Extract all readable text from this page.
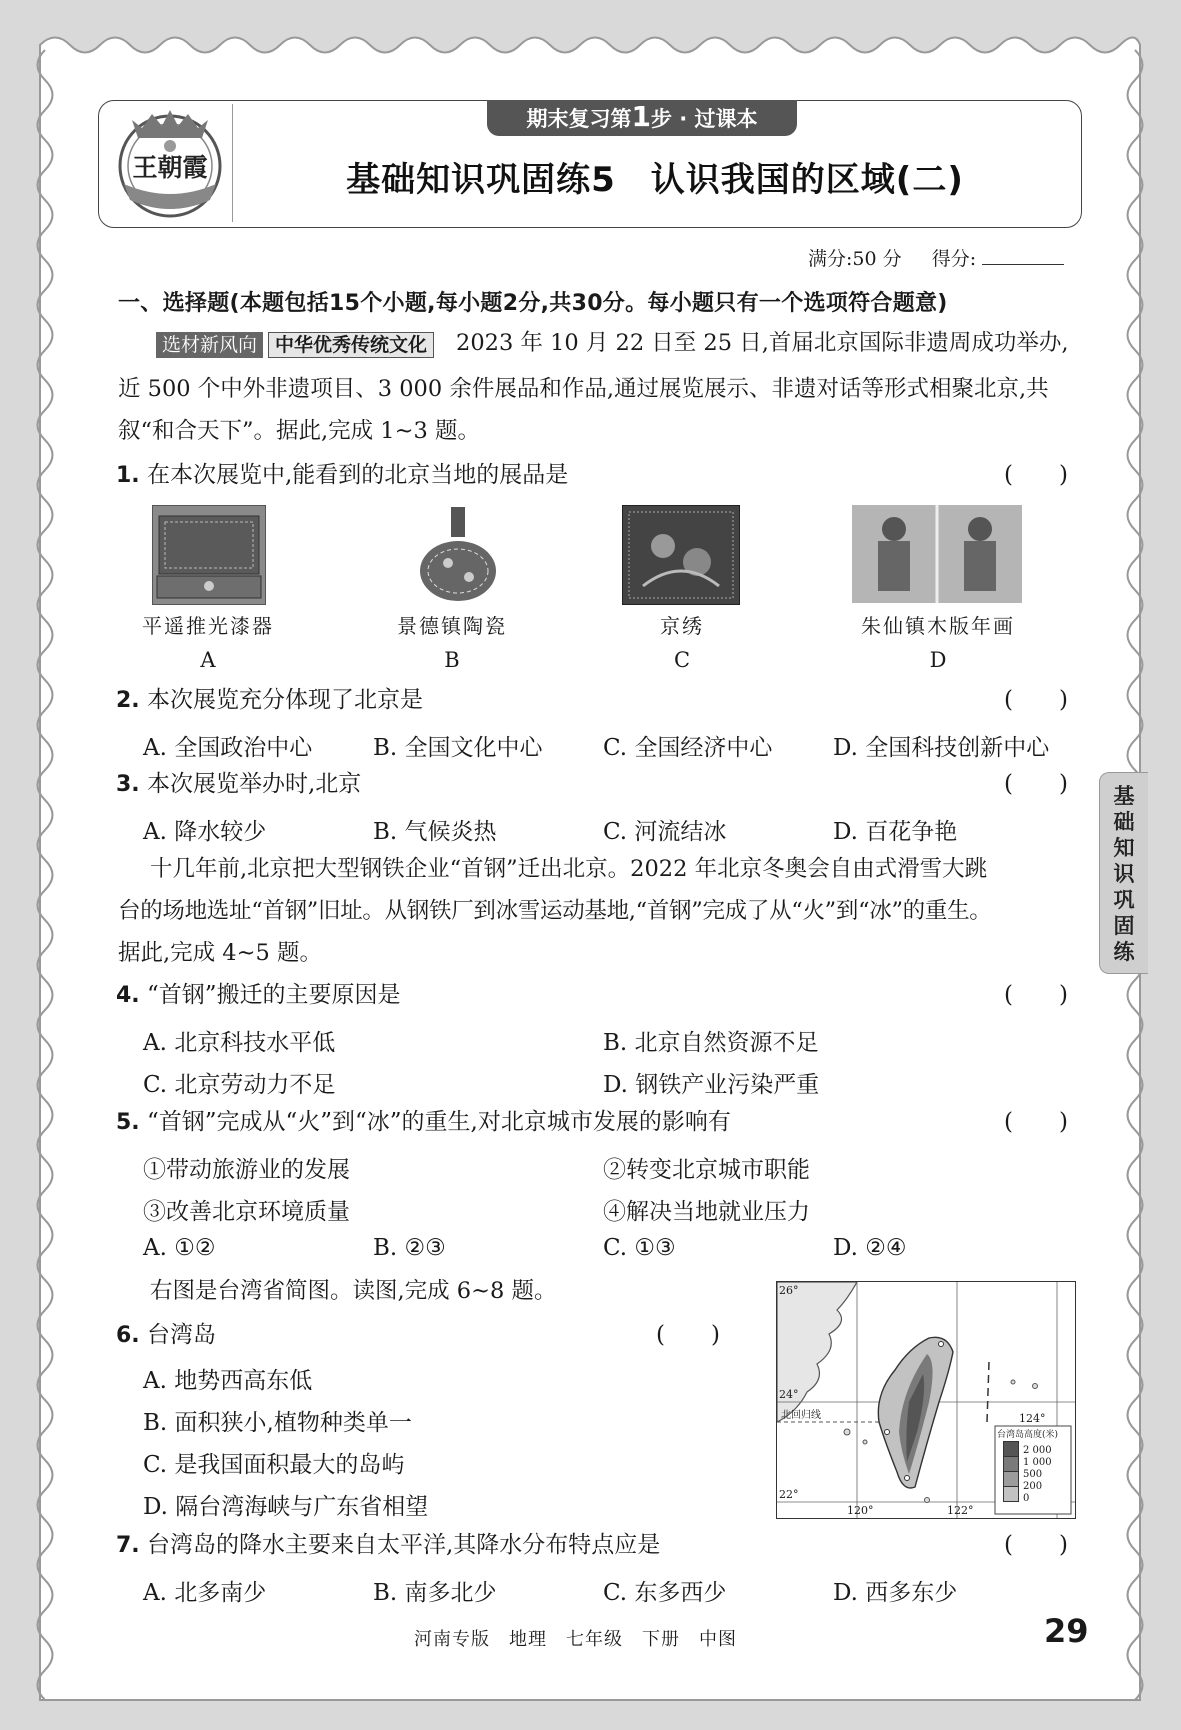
王朝霞
期末复习第1步 · 过课本
基础知识巩固练5　认识我国的区域(二)
满分:50 分 得分:
一、选择题(本题包括15个小题,每小题2分,共30分。每小题只有一个选项符合题意)
选材新风向 中华优秀传统文化	2023 年 10 月 22 日至 25 日,首届北京国际非遗周成功举办,
近 500 个中外非遗项目、3 000 余件展品和作品,通过展览展示、非遗对话等形式相聚北京,共
叙“和合天下”。据此,完成 1~3 题。
1. 在本次展览中,能看到的北京当地的展品是	(　　)
平遥推光漆器	景德镇陶瓷	京绣	朱仙镇木版年画
A	B	C	D
2. 本次展览充分体现了北京是	(　　)
A. 全国政治中心	B. 全国文化中心	C. 全国经济中心	D. 全国科技创新中心
3. 本次展览举办时,北京	(　　)
A. 降水较少	B. 气候炎热	C. 河流结冰	D. 百花争艳
十几年前,北京把大型钢铁企业“首钢”迁出北京。2022 年北京冬奥会自由式滑雪大跳
台的场地选址“首钢”旧址。从钢铁厂到冰雪运动基地,“首钢”完成了从“火”到“冰”的重生。
据此,完成 4~5 题。
4. “首钢”搬迁的主要原因是	(　　)
A. 北京科技水平低	B. 北京自然资源不足
C. 北京劳动力不足	D. 钢铁产业污染严重
5. “首钢”完成从“火”到“冰”的重生,对北京城市发展的影响有	(　　)
①带动旅游业的发展	②转变北京城市职能
③改善北京环境质量	④解决当地就业压力
A. ①②	B. ②③	C. ①③	D. ②④
右图是台湾省简图。读图,完成 6~8 题。
6. 台湾岛	(　　)
A. 地势西高东低
B. 面积狭小,植物种类单一
C. 是我国面积最大的岛屿
D. 隔台湾海峡与广东省相望
26°
24°
22°
120°	122°
124°
北回归线
台湾岛高度(米)
2 000
1 000
500
200
0
7. 台湾岛的降水主要来自太平洋,其降水分布特点应是	(　　)
A. 北多南少	B. 南多北少	C. 东多西少	D. 西多东少
基
础
知
识
巩
固
练
河南专版　地理　七年级　下册　中图	29
